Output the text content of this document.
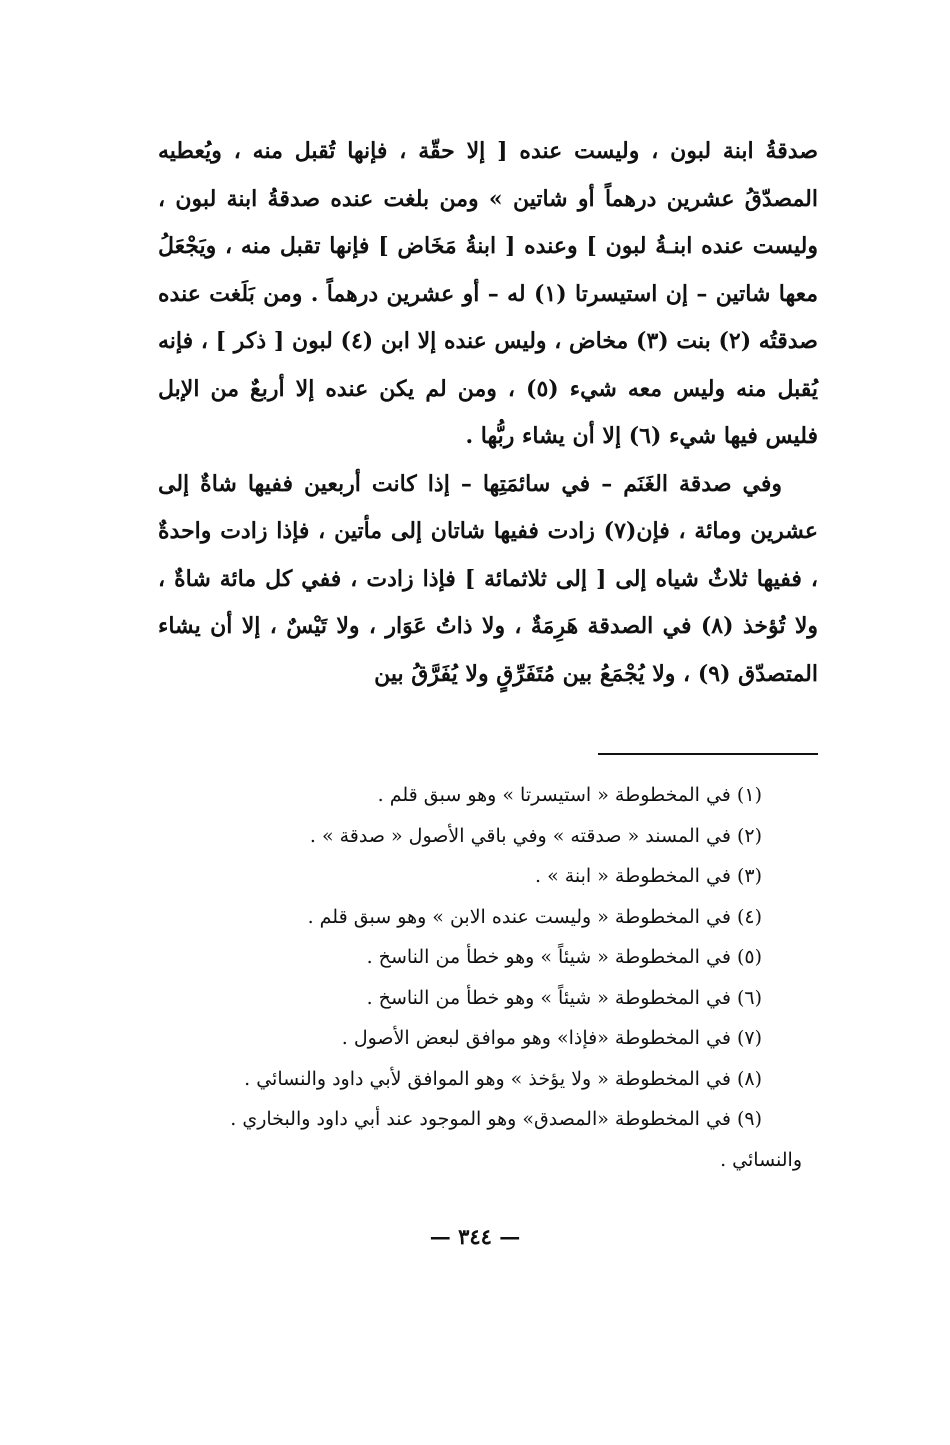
صدقةُ ابنة لبون ، وليست عنده [ إلا حقّة ، فإنها تُقبل منه ، ويُعطيه المصدّقُ عشرين درهماً أو شاتين » ومن بلغت عنده صدقةُ ابنة لبون ، وليست عنده ابنـةُ لبون ] وعنده [ ابنةُ مَخَاض ] فإنها تقبل منه ، ويَجْعَلُ معها شاتين – إن استيسرتا (١) له – أو عشرين درهماً . ومن بَلَغت عنده صدقتُه (٢) بنت (٣) مخاض ، وليس عنده إلا ابن (٤) لبون [ ذكر ] ، فإنه يُقبل منه وليس معه شيء (٥) ، ومن لم يكن عنده إلا أربعٌ من الإبل فليس فيها شيء (٦) إلا أن يشاء ربُّها .

وفي صدقة الغَنَم – في سائمَتِها – إذا كانت أربعين ففيها شاةٌ إلى عشرين ومائة ، فإن(٧) زادت ففيها شاتان إلى مأتين ، فإذا زادت واحدةٌ ، ففيها ثلاثٌ شياه إلى [ إلى ثلاثمائة ] فإذا زادت ، ففي كل مائة شاةٌ ، ولا تُؤخذ (٨) في الصدقة هَرِمَةٌ ، ولا ذاتُ عَوَار ، ولا تَيْسٌ ، إلا أن يشاء المتصدّق (٩) ، ولا يُجْمَعُ بين مُتَفَرِّقٍ ولا يُفَرَّقُ بين

(١) في المخطوطة « استيسرتا » وهو سبق قلم .

(٢) في المسند « صدقته » وفي باقي الأصول « صدقة » .

(٣) في المخطوطة « ابنة » .

(٤) في المخطوطة « وليست عنده الابن » وهو سبق قلم .

(٥) في المخطوطة « شيئاً » وهو خطأ من الناسخ .

(٦) في المخطوطة « شيئاً » وهو خطأ من الناسخ .

(٧) في المخطوطة «فإذا» وهو موافق لبعض الأصول .

(٨) في المخطوطة « ولا يؤخذ » وهو الموافق لأبي داود والنسائي .

(٩) في المخطوطة «المصدق» وهو الموجود عند أبي داود والبخاري .

والنسائي .

— ٣٤٤ —
